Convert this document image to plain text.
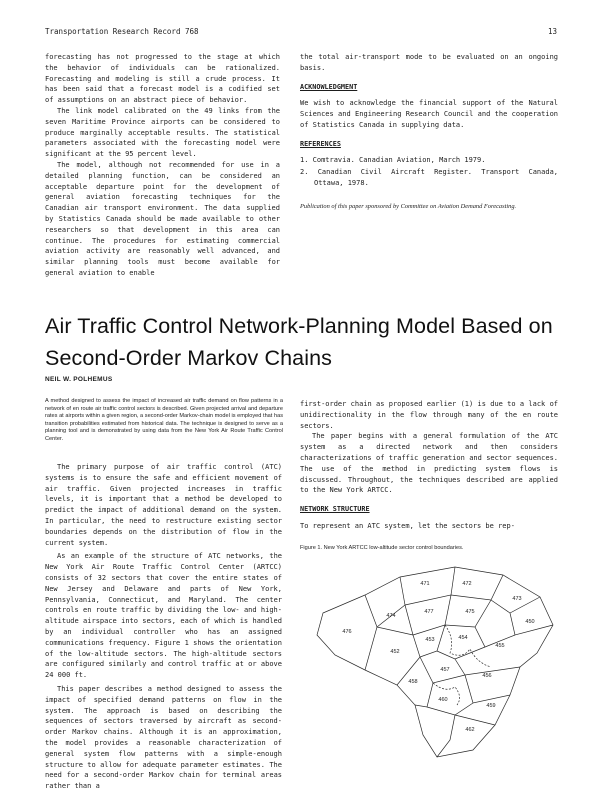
Transportation Research Record 768	13

forecasting has not progressed to the stage at which the behavior of individuals can be rationalized. Forecasting and modeling is still a crude process. It has been said that a forecast model is a codified set of assumptions on an abstract piece of behavior.

The link model calibrated on the 49 links from the seven Maritime Province airports can be considered to produce marginally acceptable results. The statistical parameters associated with the forecasting model were significant at the 95 percent level.

The model, although not recommended for use in a detailed planning function, can be considered an acceptable departure point for the development of general aviation forecasting techniques for the Canadian air transport environment. The data supplied by Statistics Canada should be made available to other researchers so that development in this area can continue. The procedures for estimating commercial aviation activity are reasonably well advanced, and similar planning tools must become available for general aviation to enable

the total air-transport mode to be evaluated on an ongoing basis.

ACKNOWLEDGMENT

We wish to acknowledge the financial support of the Natural Sciences and Engineering Research Council and the cooperation of Statistics Canada in supplying data.

REFERENCES

1. Comtravia. Canadian Aviation, March 1979.

2. Canadian Civil Aircraft Register. Transport Canada, Ottawa, 1978.

Publication of this paper sponsored by Committee on Aviation Demand Forecasting.

Air Traffic Control Network-Planning Model Based on
Second-Order Markov Chains
NEIL W. POLHEMUS
A method designed to assess the impact of increased air traffic demand on flow patterns in a network of en route air traffic control sectors is described. Given projected arrival and departure rates at airports within a given region, a second-order Markov-chain model is employed that has transition probabilities estimated from historical data. The technique is designed to serve as a planning tool and is demonstrated by using data from the New York Air Route Traffic Control Center.

The primary purpose of air traffic control (ATC) systems is to ensure the safe and efficient movement of air traffic. Given projected increases in traffic levels, it is important that a method be developed to predict the impact of additional demand on the system. In particular, the need to restructure existing sector boundaries depends on the distribution of flow in the current system.

As an example of the structure of ATC networks, the New York Air Route Traffic Control Center (ARTCC) consists of 32 sectors that cover the entire states of New Jersey and Delaware and parts of New York, Pennsylvania, Connecticut, and Maryland. The center controls en route traffic by dividing the low- and high-altitude airspace into sectors, each of which is handled by an individual controller who has an assigned communications frequency. Figure 1 shows the orientation of the low-altitude sectors. The high-altitude sectors are configured similarly and control traffic at or above 24 000 ft.

This paper describes a method designed to assess the impact of specified demand patterns on flow in the system. The approach is based on describing the sequences of sectors traversed by aircraft as second-order Markov chains. Although it is an approximation, the model provides a reasonable characterization of general system flow patterns with a simple-enough structure to allow for adequate parameter estimates. The need for a second-order Markov chain for terminal areas rather than a

first-order chain as proposed earlier (1) is due to a lack of unidirectionality in the flow through many of the en route sectors.

The paper begins with a general formulation of the ATC system as a directed network and then considers characterizations of traffic generation and sector sequences. The use of the method in predicting system flows is discussed. Throughout, the techniques described are applied to the New York ARTCC.

NETWORK STRUCTURE

To represent an ATC system, let the sectors be rep-

Figure 1. New York ARTCC low-altitude sector control boundaries.
471	472
473
476
474
477	475
450
452
453	454
455
456
457
458
459
460
462
